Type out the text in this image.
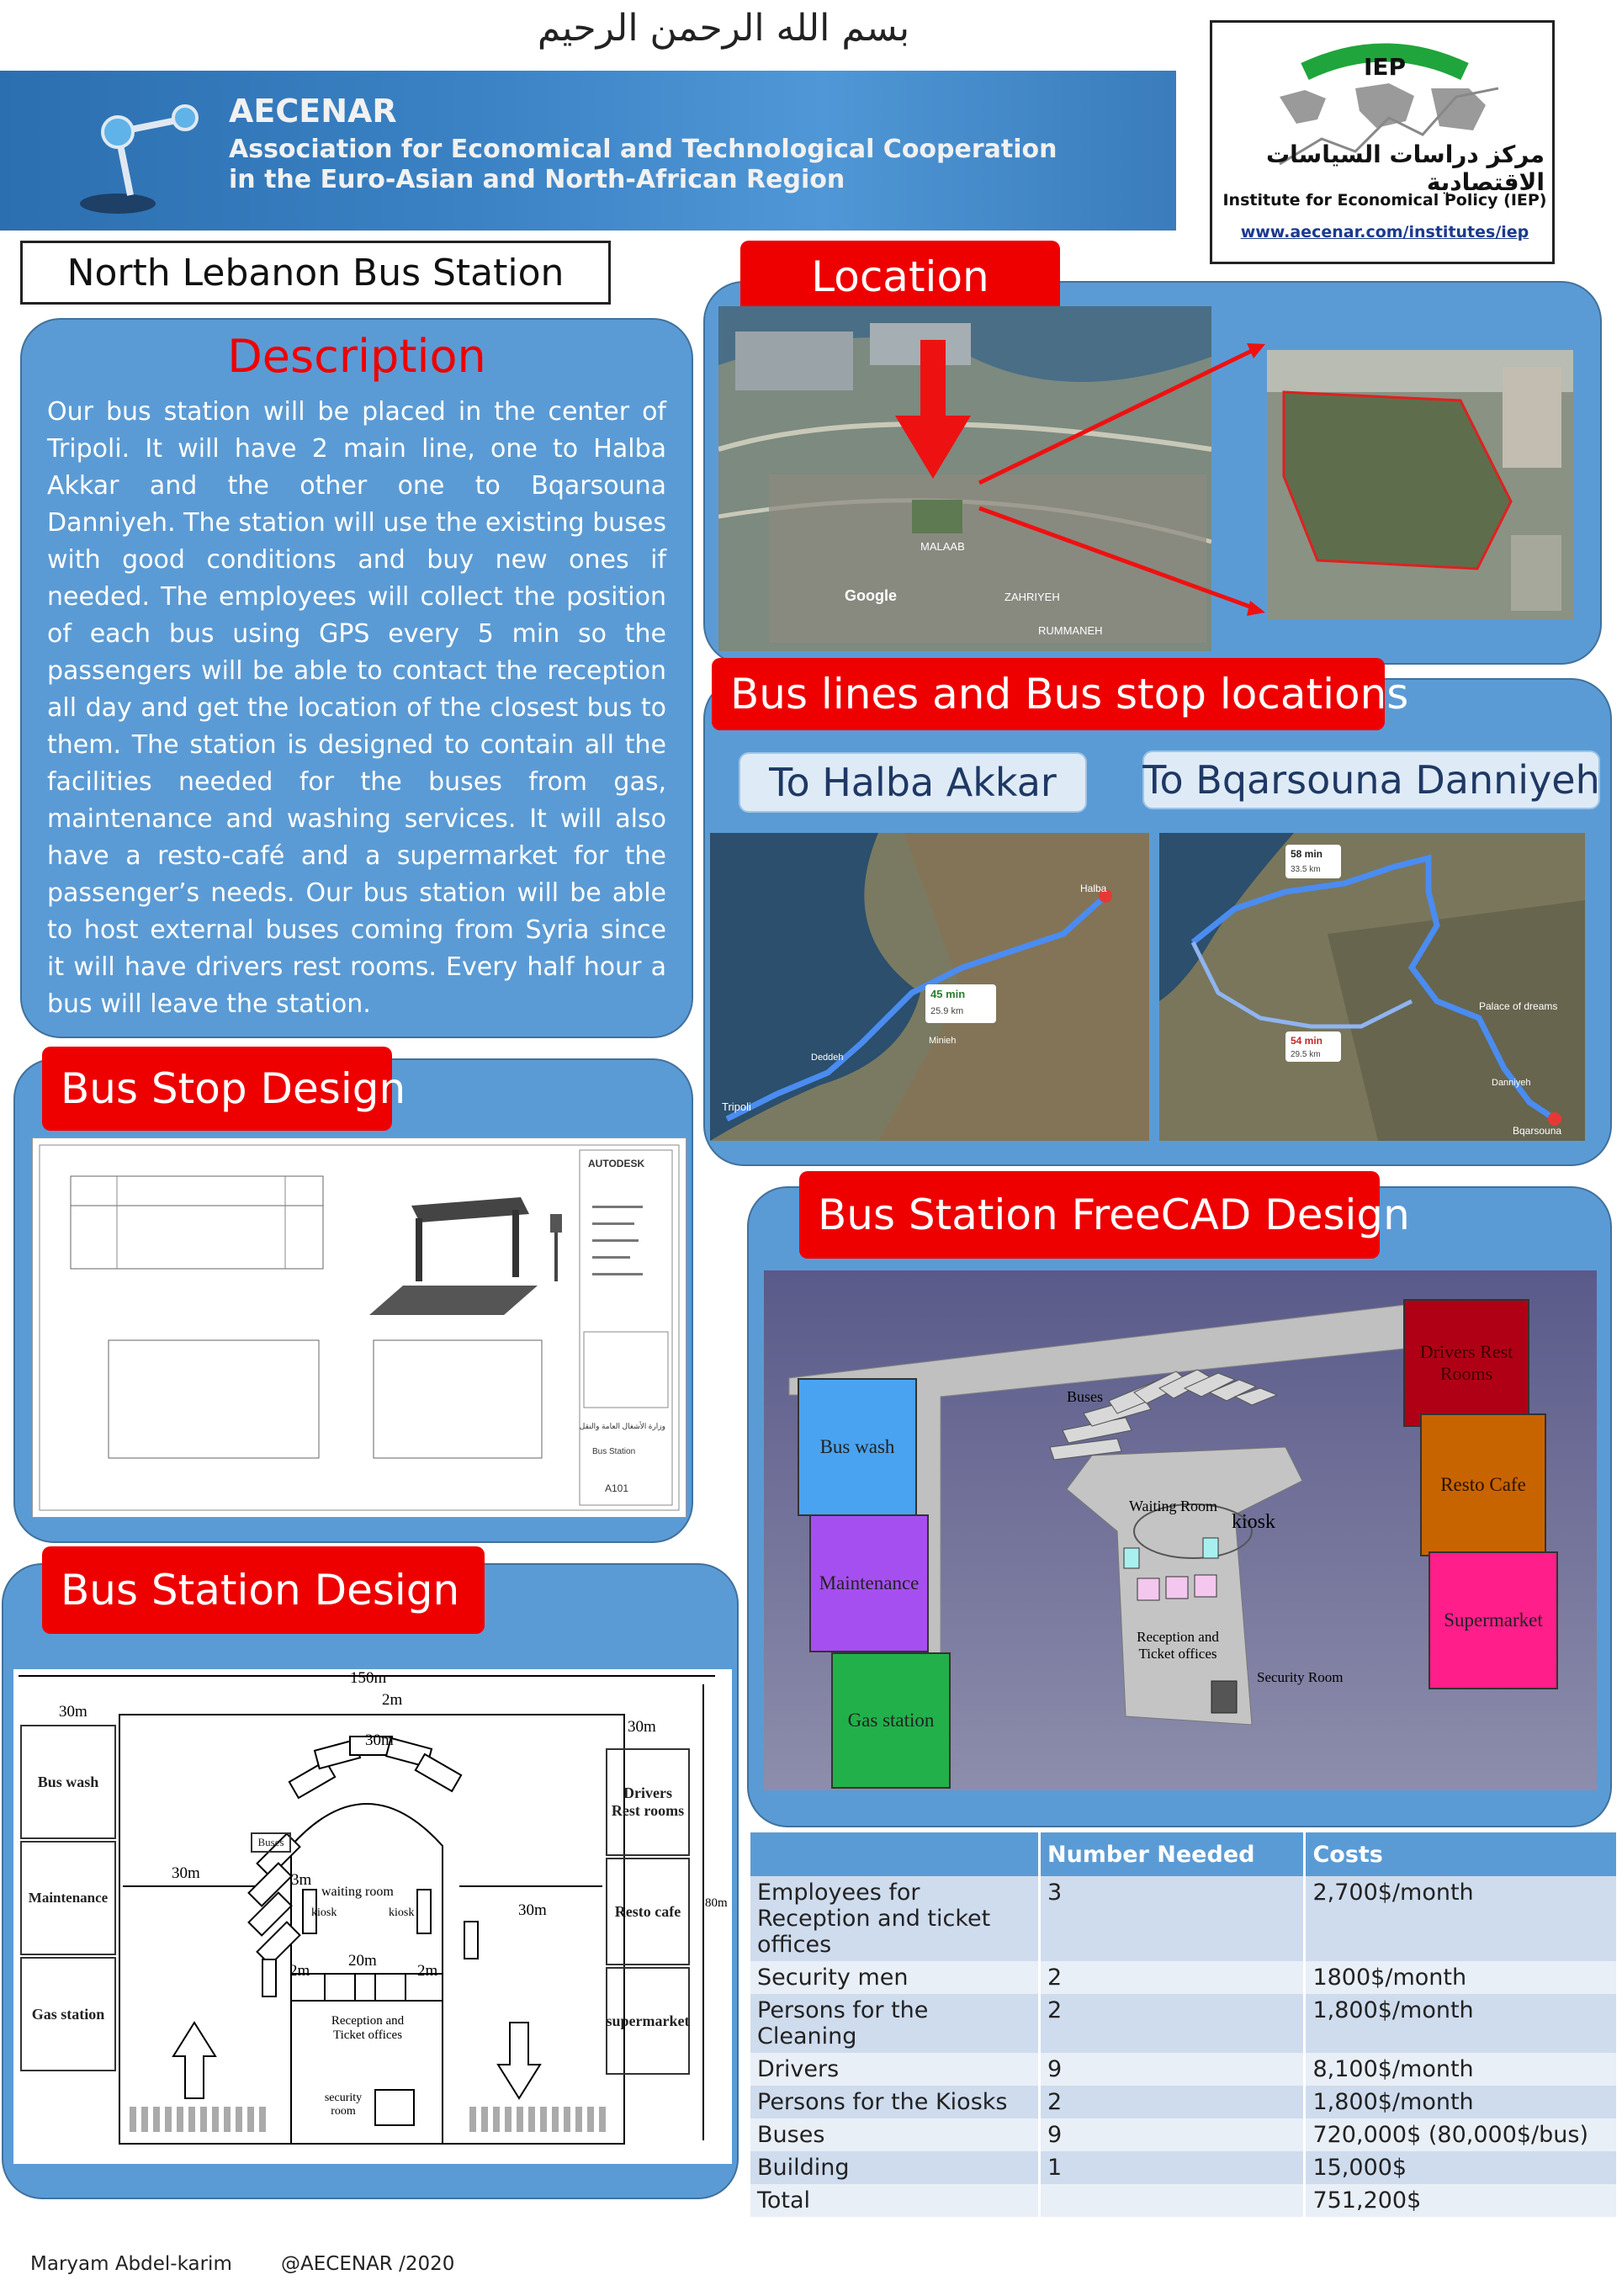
بسم الله الرحمن الرحيم
AECENAR
Association for Economical and Technological Cooperation
in the Euro-Asian and North-African Region
IEP
مركز دراسات السياسات الاقتصادية
Institute for Economical Policy (IEP)
www.aecenar.com/institutes/iep
North Lebanon Bus Station
Description
Our bus station will be placed in the center of Tripoli. It will have 2 main line, one to Halba Akkar and the other one to Bqarsouna Danniyeh. The station will use the existing buses with good conditions and buy new ones if needed. The employees will collect the position of each bus using GPS every 5 min so the passengers will be able to contact the reception all day and get the location of the closest bus to them. The station is designed to contain all the facilities needed for the buses from gas, maintenance and washing services. It will also have a resto-café and a supermarket for the passenger’s needs. Our bus station will be able to host external buses coming from Syria since it will have drivers rest rooms. Every half hour a bus will leave the station.
Location
MALAAB
ZAHRIYEH
RUMMANEH
Google
Bus lines and Bus stop locations
To Halba Akkar	To Bqarsouna Danniyeh
45 min
25.9 km
Halba
Tripoli
Deddeh
Minieh
58 min
33.5 km
54 min
29.5 km
Bqarsouna
Palace of dreams
Danniyeh
Bus Stop Design
AUTODESK
وزارة الأشغال العامة والنقل
Bus Station
A101
Bus Station Design
150m
2m
30m
30m
30m
30m
30m
3m
20m
2m	2m
80m
Bus wash
Maintenance
Gas station
Drivers Rest rooms
Resto cafe
supermarket
Buses
waiting room
kiosk	kiosk
Reception and Ticket offices
security room
Bus Station FreeCAD Design
Bus wash
Maintenance
Gas station
Drivers Rest Rooms
Resto Cafe
Supermarket
Buses
Waiting Room
kiosk
Reception and Ticket offices
Security Room
	Number Needed	Costs
Employees for Reception and ticket offices	3	2,700$/month
Security men	2	1800$/month
Persons for the Cleaning	2	1,800$/month
Drivers	9	8,100$/month
Persons for the Kiosks	2	1,800$/month
Buses	9	720,000$ (80,000$/bus)
Building	1	15,000$
Total		751,200$
Maryam Abdel-karim	@AECENAR /2020
